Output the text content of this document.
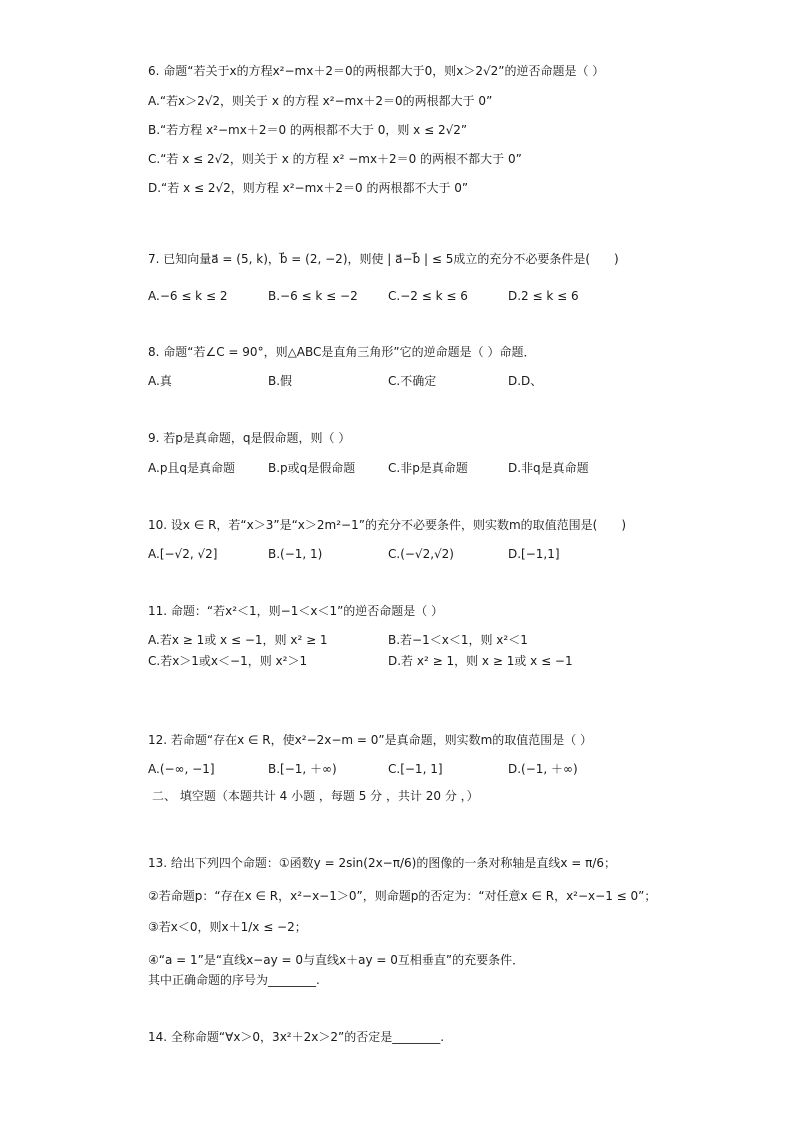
6. 命题“若关于x的方程x²−mx＋2＝0的两根都大于0，则x＞2√2”的逆否命题是（ ）
A.“若x＞2√2，则关于 x 的方程 x²−mx＋2＝0的两根都大于 0”
B.“若方程 x²−mx＋2＝0 的两根都不大于 0，则 x ≤ 2√2”
C.“若 x ≤ 2√2，则关于 x 的方程 x² −mx＋2＝0 的两根不都大于 0”
D.“若 x ≤ 2√2，则方程 x²−mx＋2＝0 的两根都不大于 0”
7. 已知向量a⃗ = (5, k)，b⃗ = (2, −2)，则使 | a⃗−b⃗ | ≤ 5成立的充分不必要条件是(　　)
A.−6 ≤ k ≤ 2	B.−6 ≤ k ≤ −2	C.−2 ≤ k ≤ 6	D.2 ≤ k ≤ 6
8. 命题“若∠C = 90°，则△ABC是直角三角形”它的逆命题是（ ）命题．
A.真	B.假	C.不确定	D.D、
9. 若p是真命题，q是假命题，则（ ）
A.p且q是真命题	B.p或q是假命题	C.非p是真命题	D.非q是真命题
10. 设x ∈ R，若“x＞3”是“x＞2m²−1”的充分不必要条件，则实数m的取值范围是(　　)
A.[−√2, √2]	B.(−1, 1)	C.(−√2,√2)	D.[−1,1]
11. 命题：“若x²＜1，则−1＜x＜1”的逆否命题是（ ）
A.若x ≥ 1或 x ≤ −1，则 x² ≥ 1	B.若−1＜x＜1，则 x²＜1
C.若x＞1或x＜−1，则 x²＞1	D.若 x² ≥ 1，则 x ≥ 1或 x ≤ −1
12. 若命题“存在x ∈ R，使x²−2x−m = 0”是真命题，则实数m的取值范围是（ ）
A.(−∞, −1]	B.[−1, ＋∞)	C.[−1, 1]	D.(−1, ＋∞)
二、 填空题（本题共计 4 小题 ，每题 5 分 ，共计 20 分 ，）
13. 给出下列四个命题：①函数y = 2sin(2x−π/6)的图像的一条对称轴是直线x = π/6；
②若命题p：“存在x ∈ R，x²−x−1＞0”，则命题p的否定为：“对任意x ∈ R，x²−x−1 ≤ 0”；
③若x＜0，则x＋1/x ≤ −2；
④“a = 1”是“直线x−ay = 0与直线x＋ay = 0互相垂直”的充要条件．
其中正确命题的序号为________.
14. 全称命题“∀x＞0，3x²＋2x＞2”的否定是________.
